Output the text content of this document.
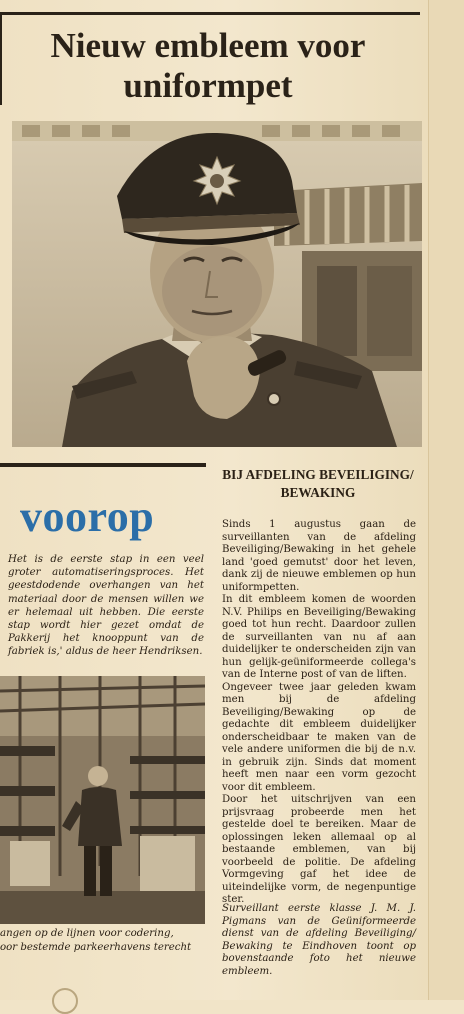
Nieuw embleem voor uniformpet
voorop

Het is de eerste stap in een veel groter automatiseringsproces. Het geestdodende overhangen van het materiaal door de mensen willen we er helemaal uit hebben. Die eerste stap wordt hier gezet omdat de Pakkerij het knooppunt van de fabriek is,' aldus de heer Hendriksen.

angen op de lijnen voor codering,
oor bestemde parkeerhavens terecht
BIJ AFDELING BEVEILIGING/ BEWAKING

Sinds 1 augustus gaan de surveillanten van de afdeling Beveiliging/Bewaking in het gehele land 'goed gemutst' door het leven, dank zij de nieuwe emblemen op hun uniformpetten.

In dit embleem komen de woorden N.V. Philips en Beveiliging/Bewaking goed tot hun recht. Daardoor zullen de surveillanten van nu af aan duidelijker te onderscheiden zijn van hun gelijk-geüniformeerde collega's van de Interne post of van de liften.

Ongeveer twee jaar geleden kwam men bij de afdeling Beveiliging/Bewaking op de gedachte dit embleem duidelijker onderscheidbaar te maken van de vele andere uniformen die bij de n.v. in gebruik zijn. Sinds dat moment heeft men naar een vorm gezocht voor dit embleem.

Door het uitschrijven van een prijsvraag probeerde men het gestelde doel te bereiken. Maar de oplossingen leken allemaal op al bestaande emblemen, van bij voorbeeld de politie. De afdeling Vormgeving gaf het idee de uiteindelijke vorm, de negenpuntige ster.

Surveillant eerste klasse J. M. J. Pigmans van de Geüniformeerde dienst van de afdeling Beveiliging/ Bewaking te Eindhoven toont op bovenstaande foto het nieuwe embleem.
